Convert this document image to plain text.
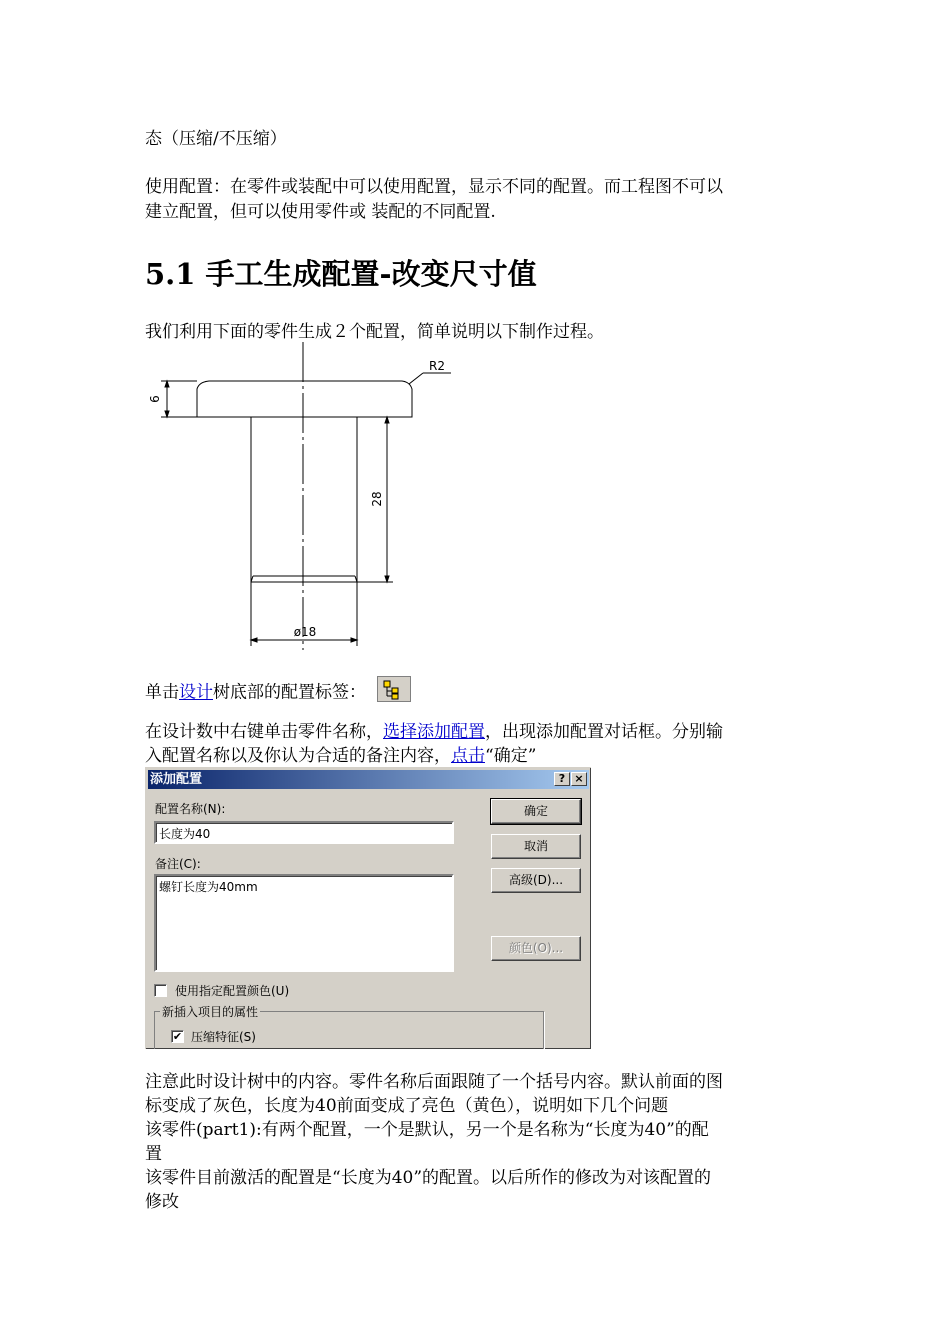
态（压缩/不压缩）
使用配置：在零件或装配中可以使用配置，显示不同的配置。而工程图不可以
建立配置，但可以使用零件或 装配的不同配置.
5.1 手工生成配置-改变尺寸值
我们利用下面的零件生成２个配置，简单说明以下制作过程。
R2
6
28
ø18
单击设计树底部的配置标签：
在设计数中右键单击零件名称，选择添加配置，出现添加配置对话框。分别输
入配置名称以及你认为合适的备注内容，点击“确定”
添加配置	? ×
配置名称(N):
长度为40
备注(C):
螺钉长度为40mm
确定
取消
高级(D)...
颜色(O)...
使用指定配置颜色(U)
新插入项目的属性
✔ 压缩特征(S)
注意此时设计树中的内容。零件名称后面跟随了一个括号内容。默认前面的图
标变成了灰色，长度为40前面变成了亮色（黄色），说明如下几个问题
该零件(part1):有两个配置，一个是默认，另一个是名称为“长度为40”的配
置
该零件目前激活的配置是“长度为40”的配置。以后所作的修改为对该配置的
修改
